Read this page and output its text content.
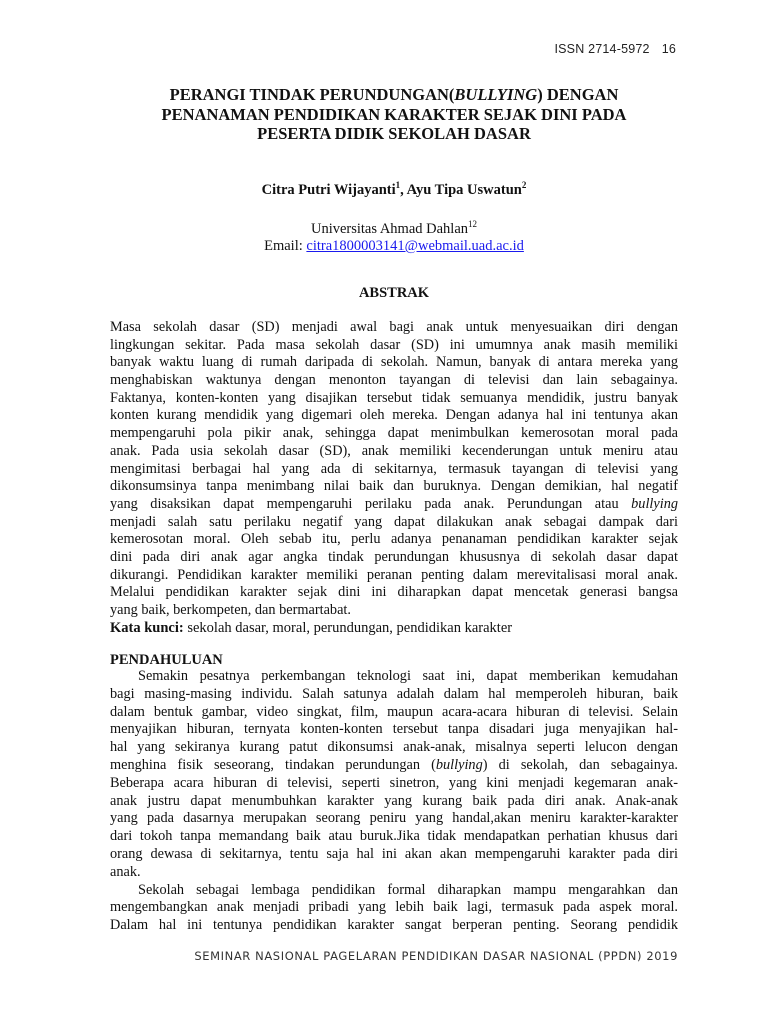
ISSN 2714-5972 16
PERANGI TINDAK PERUNDUNGAN(BULLYING) DENGAN
PENANAMAN PENDIDIKAN KARAKTER SEJAK DINI PADA
PESERTA DIDIK SEKOLAH DASAR
Citra Putri Wijayanti$^1$, Ayu Tipa Uswatun$^2$
Universitas Ahmad Dahlan$^{12}$
Email: citra1800003141@webmail.uad.ac.id
ABSTRAK
Masa sekolah dasar (SD) menjadi awal bagi anak untuk menyesuaikan diri dengan
lingkungan sekitar. Pada masa sekolah dasar (SD) ini umumnya anak masih memiliki
banyak waktu luang di rumah daripada di sekolah. Namun, banyak di antara mereka yang
menghabiskan waktunya dengan menonton tayangan di televisi dan lain sebagainya.
Faktanya, konten-konten yang disajikan tersebut tidak semuanya mendidik, justru banyak
konten kurang mendidik yang digemari oleh mereka. Dengan adanya hal ini tentunya akan
mempengaruhi pola pikir anak, sehingga dapat menimbulkan kemerosotan moral pada
anak. Pada usia sekolah dasar (SD), anak memiliki kecenderungan untuk meniru atau
mengimitasi berbagai hal yang ada di sekitarnya, termasuk tayangan di televisi yang
dikonsumsinya tanpa menimbang nilai baik dan buruknya. Dengan demikian, hal negatif
yang disaksikan dapat mempengaruhi perilaku pada anak. Perundungan atau bullying
menjadi salah satu perilaku negatif yang dapat dilakukan anak sebagai dampak dari
kemerosotan moral. Oleh sebab itu, perlu adanya penanaman pendidikan karakter sejak
dini pada diri anak agar angka tindak perundungan khususnya di sekolah dasar dapat
dikurangi. Pendidikan karakter memiliki peranan penting dalam merevitalisasi moral anak.
Melalui pendidikan karakter sejak dini ini diharapkan dapat mencetak generasi bangsa
yang baik, berkompeten, dan bermartabat.
Kata kunci: sekolah dasar, moral, perundungan, pendidikan karakter
PENDAHULUAN
Semakin pesatnya perkembangan teknologi saat ini, dapat memberikan kemudahan
bagi masing-masing individu. Salah satunya adalah dalam hal memperoleh hiburan, baik
dalam bentuk gambar, video singkat, film, maupun acara-acara hiburan di televisi. Selain
menyajikan hiburan, ternyata konten-konten tersebut tanpa disadari juga menyajikan hal-
hal yang sekiranya kurang patut dikonsumsi anak-anak, misalnya seperti lelucon dengan
menghina fisik seseorang, tindakan perundungan (bullying) di sekolah, dan sebagainya.
Beberapa acara hiburan di televisi, seperti sinetron, yang kini menjadi kegemaran anak-
anak justru dapat menumbuhkan karakter yang kurang baik pada diri anak. Anak-anak
yang pada dasarnya merupakan seorang peniru yang handal,akan meniru karakter-karakter
dari tokoh tanpa memandang baik atau buruk.Jika tidak mendapatkan perhatian khusus dari
orang dewasa di sekitarnya, tentu saja hal ini akan akan mempengaruhi karakter pada diri
anak.
Sekolah sebagai lembaga pendidikan formal diharapkan mampu mengarahkan dan
mengembangkan anak menjadi pribadi yang lebih baik lagi, termasuk pada aspek moral.
Dalam hal ini tentunya pendidikan karakter sangat berperan penting. Seorang pendidik
SEMINAR NASIONAL PAGELARAN PENDIDIKAN DASAR NASIONAL (PPDN) 2019
